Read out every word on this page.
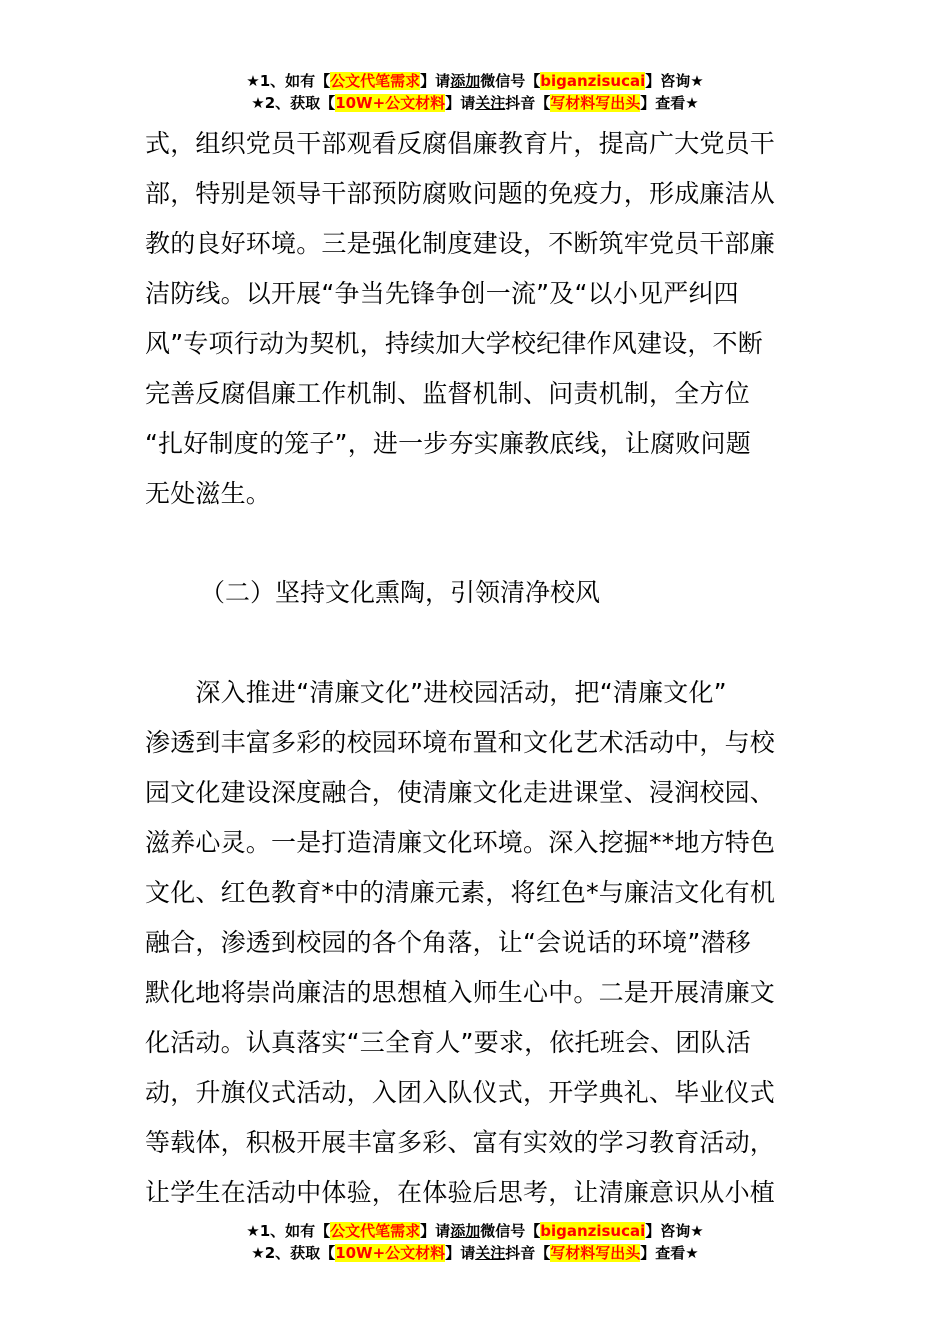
★1、如有【公文代笔需求】请添加微信号【biganzisucai】咨询★
★2、获取【10W+公文材料】请关注抖音【写材料写出头】查看★
式，组织党员干部观看反腐倡廉教育片，提高广大党员干
部，特别是领导干部预防腐败问题的免疫力，形成廉洁从
教的良好环境。三是强化制度建设，不断筑牢党员干部廉
洁防线。以开展“争当先锋争创一流”及“以小见严纠四
风”专项行动为契机，持续加大学校纪律作风建设，不断
完善反腐倡廉工作机制、监督机制、问责机制，全方位
“扎好制度的笼子”，进一步夯实廉教底线，让腐败问题
无处滋生。
（二）坚持文化熏陶，引领清净校风
　　深入推进“清廉文化”进校园活动，把“清廉文化”
渗透到丰富多彩的校园环境布置和文化艺术活动中，与校
园文化建设深度融合，使清廉文化走进课堂、浸润校园、
滋养心灵。一是打造清廉文化环境。深入挖掘**地方特色
文化、红色教育*中的清廉元素，将红色*与廉洁文化有机
融合，渗透到校园的各个角落，让“会说话的环境”潜移
默化地将崇尚廉洁的思想植入师生心中。二是开展清廉文
化活动。认真落实“三全育人”要求，依托班会、团队活
动，升旗仪式活动，入团入队仪式，开学典礼、毕业仪式
等载体，积极开展丰富多彩、富有实效的学习教育活动，
让学生在活动中体验，在体验后思考，让清廉意识从小植
★1、如有【公文代笔需求】请添加微信号【biganzisucai】咨询★
★2、获取【10W+公文材料】请关注抖音【写材料写出头】查看★
